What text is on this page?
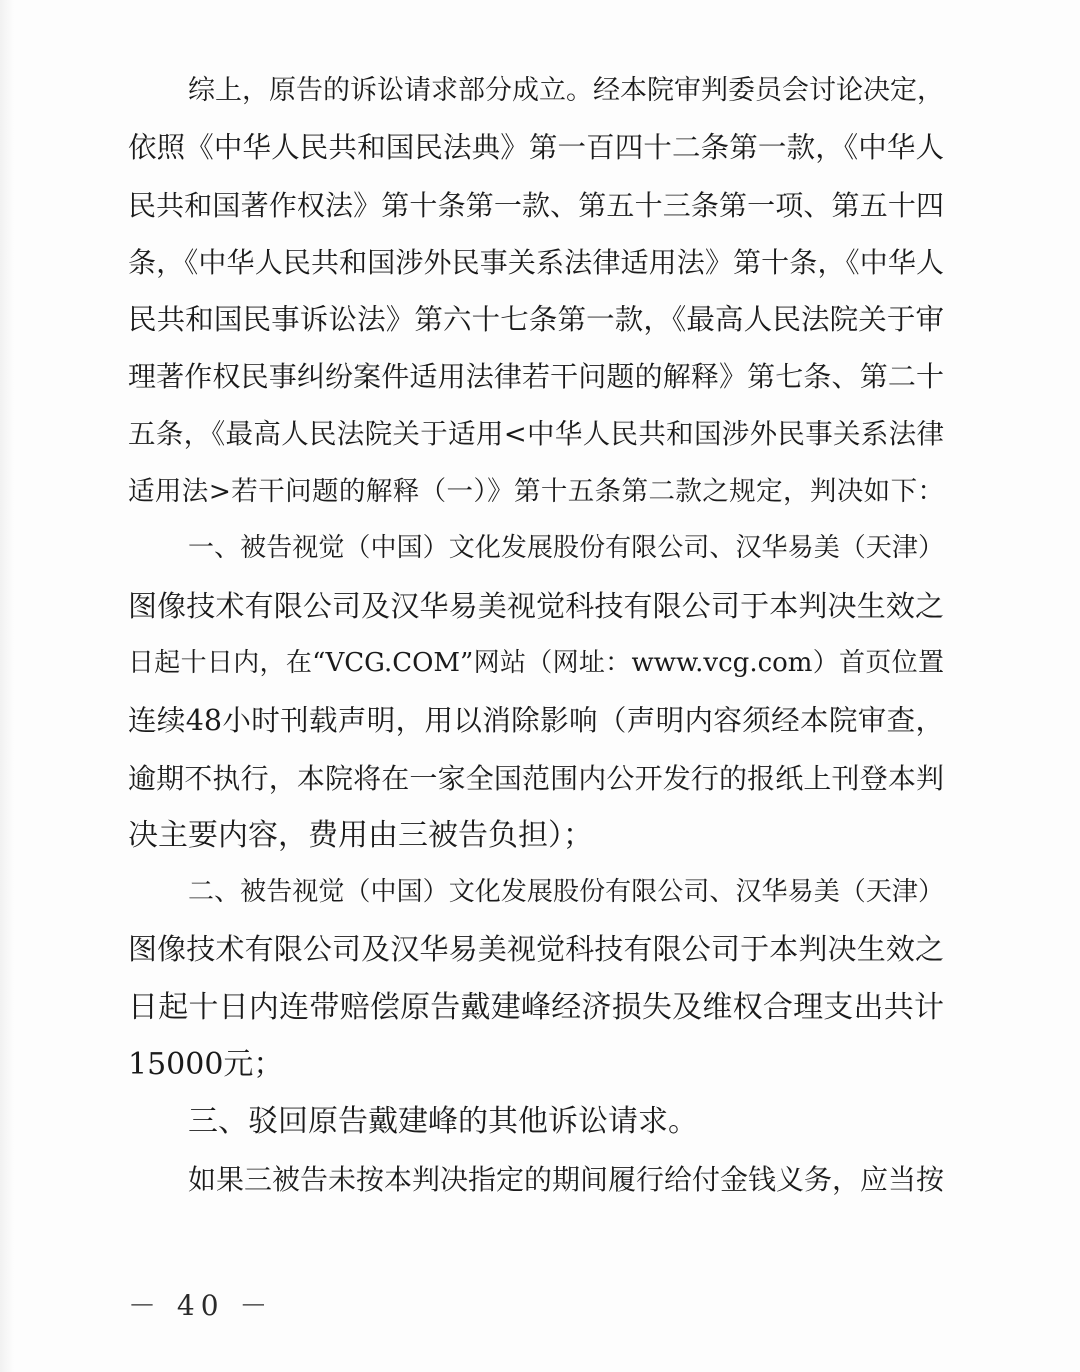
综上，原告的诉讼请求部分成立。经本院审判委员会讨论决定，
依照《中华人民共和国民法典》第一百四十二条第一款，《中华人
民共和国著作权法》第十条第一款、第五十三条第一项、第五十四
条，《中华人民共和国涉外民事关系法律适用法》第十条，《中华人
民共和国民事诉讼法》第六十七条第一款，《最高人民法院关于审
理著作权民事纠纷案件适用法律若干问题的解释》第七条、第二十
五条，《最高人民法院关于适用<中华人民共和国涉外民事关系法律
适用法>若干问题的解释（一）》第十五条第二款之规定，判决如下：
一、被告视觉（中国）文化发展股份有限公司、汉华易美（天津）
图像技术有限公司及汉华易美视觉科技有限公司于本判决生效之
日起十日内，在“VCG.COM”网站（网址：www.vcg.com）首页位置
连续48小时刊载声明，用以消除影响（声明内容须经本院审查，
逾期不执行，本院将在一家全国范围内公开发行的报纸上刊登本判
决主要内容，费用由三被告负担）；
二、被告视觉（中国）文化发展股份有限公司、汉华易美（天津）
图像技术有限公司及汉华易美视觉科技有限公司于本判决生效之
日起十日内连带赔偿原告戴建峰经济损失及维权合理支出共计
15000元；
三、驳回原告戴建峰的其他诉讼请求。
如果三被告未按本判决指定的期间履行给付金钱义务，应当按
－ 40 －
